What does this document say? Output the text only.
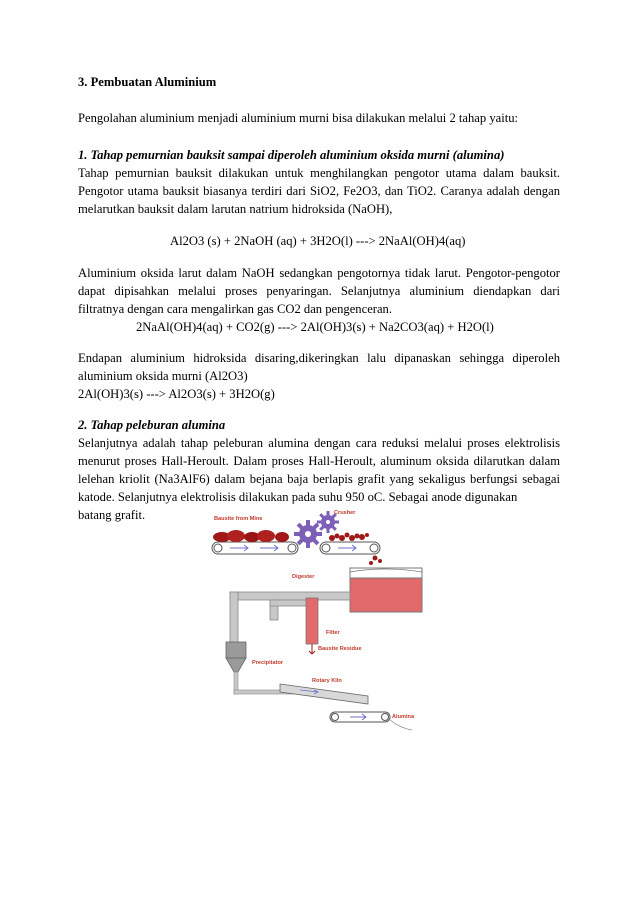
3. Pembuatan Aluminium

Pengolahan aluminium menjadi aluminium murni bisa dilakukan melalui 2 tahap yaitu:

1. Tahap pemurnian bauksit sampai diperoleh aluminium oksida murni (alumina)

Tahap pemurnian bauksit dilakukan untuk menghilangkan pengotor utama dalam bauksit. Pengotor utama bauksit biasanya terdiri dari SiO2, Fe2O3, dan TiO2. Caranya adalah dengan melarutkan bauksit dalam larutan natrium hidroksida (NaOH),

Al2O3 (s) + 2NaOH (aq) + 3H2O(l) ---> 2NaAl(OH)4(aq)

Aluminium oksida larut dalam NaOH sedangkan pengotornya tidak larut. Pengotor-pengotor dapat dipisahkan melalui proses penyaringan. Selanjutnya aluminium diendapkan dari filtratnya dengan cara mengalirkan gas CO2 dan pengenceran.

2NaAl(OH)4(aq) + CO2(g) ---> 2Al(OH)3(s) + Na2CO3(aq) + H2O(l)

Endapan aluminium hidroksida disaring,dikeringkan lalu dipanaskan sehingga diperoleh aluminium oksida murni (Al2O3)

2Al(OH)3(s) ---> Al2O3(s) + 3H2O(g)

2. Tahap peleburan alumina

Selanjutnya adalah tahap peleburan alumina dengan cara reduksi melalui proses elektrolisis menurut proses Hall-Heroult. Dalam proses Hall-Heroult, aluminum oksida dilarutkan dalam lelehan kriolit (Na3AlF6) dalam bejana baja berlapis grafit yang sekaligus berfungsi sebagai katode. Selanjutnya elektrolisis dilakukan pada suhu 950 oC. Sebagai anode digunakan

batang grafit.	Bauxite from Mine
Crusher
Digester
Filter
Bauxite Residue
Precipitator
Rotary Kiln
Alumina
